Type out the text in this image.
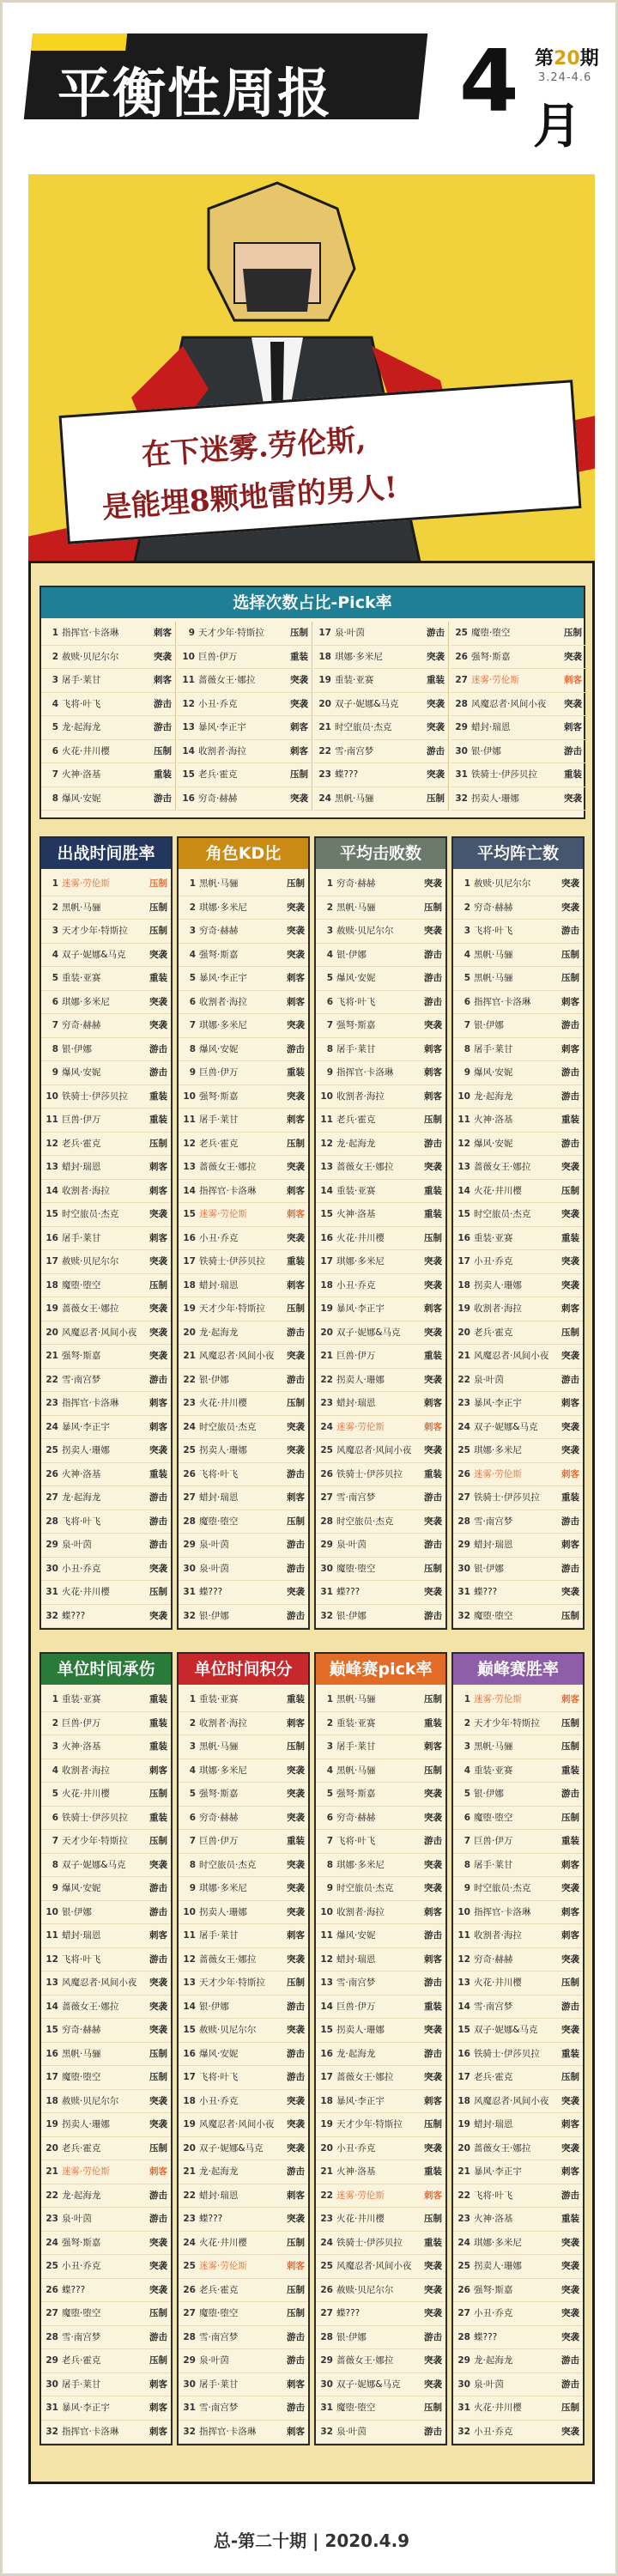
平衡性周报 4 月
第20期
3.24-4.6
在下迷雾.劳伦斯,
是能埋8颗地雷的男人!
选择次数占比-Pick率
1 指挥官·卡洛琳	刺客
2 赦赎·贝尼尔尔	突袭
3 屠手·莱甘	刺客
4 飞将·叶飞	游击
5 龙·起海龙	游击
6 火花·井川樱	压制
7 火神·洛基	重装
8 爆风·安妮	游击
9 天才少年·特斯拉	压制
10 巨兽·伊万	重装
11 蔷薇女王·娜拉	突袭
12 小丑·乔克	突袭
13 暴风·李正宇	刺客
14 收割者·海拉	刺客
15 老兵·霍克	压制
16 穷奇·赫赫	突袭
17 泉·叶茵	游击
18 琪娜·多米尼	突袭
19 重装·亚赛	重装
20 双子·妮娜&马克	突袭
21 时空旅员·杰克	突袭
22 雪·南宫梦	游击
23 蝶???	突袭
24 黑帆·马骊	压制
25 魔堕·堕空	压制
26 强弩·斯嘉	突袭
27 迷雾·劳伦斯	刺客
28 风魔忍者·风间小夜 突袭
29 蜡封·瑞恩	刺客
30 银·伊娜	游击
31 铁骑士·伊莎贝拉	重装
32 拐卖人·珊娜	突袭
出战时间胜率
1 迷雾·劳伦斯	压制
2 黑帆·马骊	压制
3 天才少年·特斯拉 压制
4 双子·妮娜&马克	突袭
5 重装·亚赛	重装
6 琪娜·多米尼	突袭
7 穷奇·赫赫	突袭
8 银·伊娜	游击
9 爆风·安妮	游击
10 铁骑士·伊莎贝拉 重装
11 巨兽·伊万	重装
12 老兵·霍克	压制
13 蜡封·瑞恩	刺客
14 收割者·海拉	刺客
15 时空旅员·杰克	突袭
16 屠手·莱甘	刺客
17 赦赎·贝尼尔尔	突袭
18 魔堕·堕空	压制
19 蔷薇女王·娜拉	突袭
20 风魔忍者·风间小夜 突袭
21 强弩·斯嘉	突袭
22 雪·南宫梦	游击
23 指挥官·卡洛琳	刺客
24 暴风·李正宇	刺客
25 拐卖人·珊娜	突袭
26 火神·洛基	重装
27 龙·起海龙	游击
28 飞将·叶飞	游击
29 泉·叶茵	游击
30 小丑·乔克	突袭
31 火花·井川樱	压制
32 蝶???	突袭
角色KD比
1 黑帆·马骊	压制
2 琪娜·多米尼	突袭
3 穷奇·赫赫	突袭
4 强弩·斯嘉	突袭
5 暴风·李正宇	刺客
6 收割者·海拉	刺客
7 琪娜·多米尼	突袭
8 爆风·安妮	游击
9 巨兽·伊万	重装
10 强弩·斯嘉	突袭
11 屠手·莱甘	刺客
12 老兵·霍克	压制
13 蔷薇女王·娜拉	突袭
14 指挥官·卡洛琳	刺客
15 迷雾·劳伦斯	刺客
16 小丑·乔克	突袭
17 铁骑士·伊莎贝拉 重装
18 蜡封·瑞恩	刺客
19 天才少年·特斯拉 压制
20 龙·起海龙	游击
21 风魔忍者·风间小夜 突袭
22 银·伊娜	游击
23 火花·井川樱	压制
24 时空旅员·杰克	突袭
25 拐卖人·珊娜	突袭
26 飞将·叶飞	游击
27 蜡封·瑞恩	刺客
28 魔堕·堕空	压制
29 泉·叶茵	游击
30 泉·叶茵	游击
31 蝶???	突袭
32 银·伊娜	游击
平均击败数
1 穷奇·赫赫	突袭
2 黑帆·马骊	压制
3 赦赎·贝尼尔尔	突袭
4 银·伊娜	游击
5 爆风·安妮	游击
6 飞将·叶飞	游击
7 强弩·斯嘉	突袭
8 屠手·莱甘	刺客
9 指挥官·卡洛琳	刺客
10 收割者·海拉	刺客
11 老兵·霍克	压制
12 龙·起海龙	游击
13 蔷薇女王·娜拉	突袭
14 重装·亚赛	重装
15 火神·洛基	重装
16 火花·井川樱	压制
17 琪娜·多米尼	突袭
18 小丑·乔克	突袭
19 暴风·李正宇	刺客
20 双子·妮娜&马克	突袭
21 巨兽·伊万	重装
22 拐卖人·珊娜	突袭
23 蜡封·瑞恩	刺客
24 迷雾·劳伦斯	刺客
25 风魔忍者·风间小夜 突袭
26 铁骑士·伊莎贝拉 重装
27 雪·南宫梦	游击
28 时空旅员·杰克	突袭
29 泉·叶茵	游击
30 魔堕·堕空	压制
31 蝶???	突袭
32 银·伊娜	游击
平均阵亡数
1 赦赎·贝尼尔尔	突袭
2 穷奇·赫赫	突袭
3 飞将·叶飞	游击
4 黑帆·马骊	压制
5 黑帆·马骊	压制
6 指挥官·卡洛琳	刺客
7 银·伊娜	游击
8 屠手·莱甘	刺客
9 爆风·安妮	游击
10 龙·起海龙	游击
11 火神·洛基	重装
12 爆风·安妮	游击
13 蔷薇女王·娜拉	突袭
14 火花·井川樱	压制
15 时空旅员·杰克	突袭
16 重装·亚赛	重装
17 小丑·乔克	突袭
18 拐卖人·珊娜	突袭
19 收割者·海拉	刺客
20 老兵·霍克	压制
21 风魔忍者·风间小夜 突袭
22 泉·叶茵	游击
23 暴风·李正宇	刺客
24 双子·妮娜&马克	突袭
25 琪娜·多米尼	突袭
26 迷雾·劳伦斯	刺客
27 铁骑士·伊莎贝拉 重装
28 雪·南宫梦	游击
29 蜡封·瑞恩	刺客
30 银·伊娜	游击
31 蝶???	突袭
32 魔堕·堕空	压制
单位时间承伤
1 重装·亚赛	重装
2 巨兽·伊万	重装
3 火神·洛基	重装
4 收割者·海拉	刺客
5 火花·井川樱	压制
6 铁骑士·伊莎贝拉 重装
7 天才少年·特斯拉 压制
8 双子·妮娜&马克	突袭
9 爆风·安妮	游击
10 银·伊娜	游击
11 蜡封·瑞恩	刺客
12 飞将·叶飞	游击
13 风魔忍者·风间小夜 突袭
14 蔷薇女王·娜拉	突袭
15 穷奇·赫赫	突袭
16 黑帆·马骊	压制
17 魔堕·堕空	压制
18 赦赎·贝尼尔尔	突袭
19 拐卖人·珊娜	突袭
20 老兵·霍克	压制
21 迷雾·劳伦斯	刺客
22 龙·起海龙	游击
23 泉·叶茵	游击
24 强弩·斯嘉	突袭
25 小丑·乔克	突袭
26 蝶???	突袭
27 魔堕·堕空	压制
28 雪·南宫梦	游击
29 老兵·霍克	压制
30 屠手·莱甘	刺客
31 暴风·李正宇	刺客
32 指挥官·卡洛琳	刺客
单位时间积分
1 重装·亚赛	重装
2 收割者·海拉	刺客
3 黑帆·马骊	压制
4 琪娜·多米尼	突袭
5 强弩·斯嘉	突袭
6 穷奇·赫赫	突袭
7 巨兽·伊万	重装
8 时空旅员·杰克	突袭
9 琪娜·多米尼	突袭
10 拐卖人·珊娜	突袭
11 屠手·莱甘	刺客
12 蔷薇女王·娜拉	突袭
13 天才少年·特斯拉 压制
14 银·伊娜	游击
15 赦赎·贝尼尔尔	突袭
16 爆风·安妮	游击
17 飞将·叶飞	游击
18 小丑·乔克	突袭
19 风魔忍者·风间小夜 突袭
20 双子·妮娜&马克	突袭
21 龙·起海龙	游击
22 蜡封·瑞恩	刺客
23 蝶???	突袭
24 火花·井川樱	压制
25 迷雾·劳伦斯	刺客
26 老兵·霍克	压制
27 魔堕·堕空	压制
28 雪·南宫梦	游击
29 泉·叶茵	游击
30 屠手·莱甘	刺客
31 雪·南宫梦	游击
32 指挥官·卡洛琳	刺客
巅峰赛pick率
1 黑帆·马骊	压制
2 重装·亚赛	重装
3 屠手·莱甘	刺客
4 黑帆·马骊	压制
5 强弩·斯嘉	突袭
6 穷奇·赫赫	突袭
7 飞将·叶飞	游击
8 琪娜·多米尼	突袭
9 时空旅员·杰克	突袭
10 收割者·海拉	刺客
11 爆风·安妮	游击
12 蜡封·瑞恩	刺客
13 雪·南宫梦	游击
14 巨兽·伊万	重装
15 拐卖人·珊娜	突袭
16 龙·起海龙	游击
17 蔷薇女王·娜拉	突袭
18 暴风·李正宇	刺客
19 天才少年·特斯拉 压制
20 小丑·乔克	突袭
21 火神·洛基	重装
22 迷雾·劳伦斯	刺客
23 火花·井川樱	压制
24 铁骑士·伊莎贝拉 重装
25 风魔忍者·风间小夜 突袭
26 赦赎·贝尼尔尔	突袭
27 蝶???	突袭
28 银·伊娜	游击
29 蔷薇女王·娜拉	突袭
30 双子·妮娜&马克	突袭
31 魔堕·堕空	压制
32 泉·叶茵	游击
巅峰赛胜率
1 迷雾·劳伦斯	刺客
2 天才少年·特斯拉 压制
3 黑帆·马骊	压制
4 重装·亚赛	重装
5 银·伊娜	游击
6 魔堕·堕空	压制
7 巨兽·伊万	重装
8 屠手·莱甘	刺客
9 时空旅员·杰克	突袭
10 指挥官·卡洛琳	刺客
11 收割者·海拉	刺客
12 穷奇·赫赫	突袭
13 火花·井川樱	压制
14 雪·南宫梦	游击
15 双子·妮娜&马克	突袭
16 铁骑士·伊莎贝拉 重装
17 老兵·霍克	压制
18 风魔忍者·风间小夜 突袭
19 蜡封·瑞恩	刺客
20 蔷薇女王·娜拉	突袭
21 暴风·李正宇	刺客
22 飞将·叶飞	游击
23 火神·洛基	重装
24 琪娜·多米尼	突袭
25 拐卖人·珊娜	突袭
26 强弩·斯嘉	突袭
27 小丑·乔克	突袭
28 蝶???	突袭
29 龙·起海龙	游击
30 泉·叶茵	游击
31 火花·井川樱	压制
32 小丑·乔克	突袭
总-第二十期 | 2020.4.9
